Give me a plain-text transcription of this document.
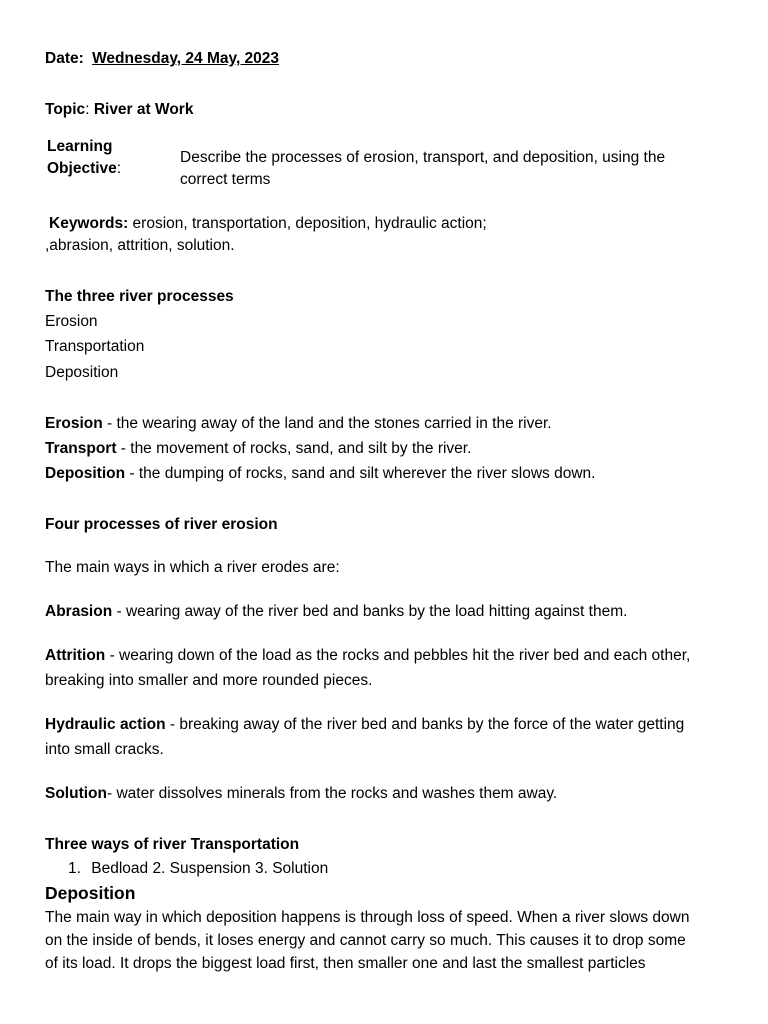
Date: Wednesday, 24 May, 2023
Topic: River at Work
Learning
Objective:
Describe the processes of erosion, transport, and deposition, using the
correct terms
Keywords: erosion, transportation, deposition, hydraulic action;
,abrasion, attrition, solution.
The three river processes
Erosion
Transportation
Deposition
Erosion - the wearing away of the land and the stones carried in the river.
Transport - the movement of rocks, sand, and silt by the river.
Deposition - the dumping of rocks, sand and silt wherever the river slows down.
Four processes of river erosion
The main ways in which a river erodes are:
Abrasion - wearing away of the river bed and banks by the load hitting against them.
Attrition - wearing down of the load as the rocks and pebbles hit the river bed and each other,
breaking into smaller and more rounded pieces.
Hydraulic action - breaking away of the river bed and banks by the force of the water getting
into small cracks.
Solution- water dissolves minerals from the rocks and washes them away.
Three ways of river Transportation
1. Bedload 2. Suspension 3. Solution
Deposition
The main way in which deposition happens is through loss of speed. When a river slows down
on the inside of bends, it loses energy and cannot carry so much. This causes it to drop some
of its load. It drops the biggest load first, then smaller one and last the smallest particles
